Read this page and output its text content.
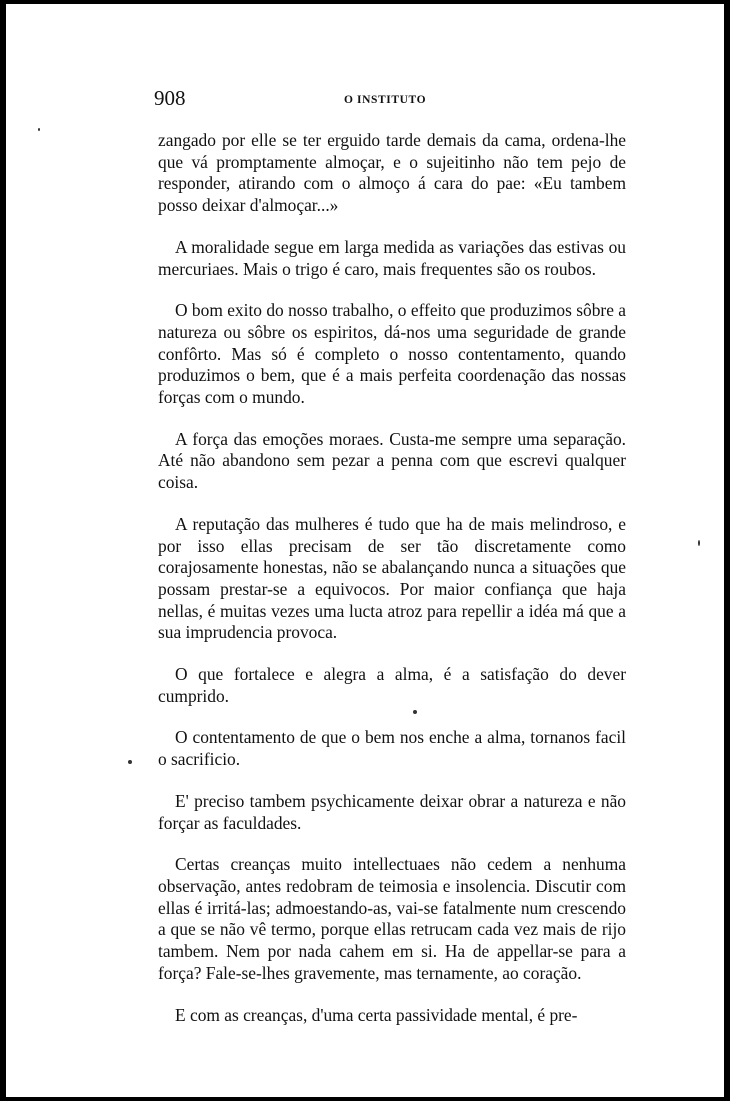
908	O INSTITUTO

zangado por elle se ter erguido tarde demais da cama, ordena-lhe que vá promptamente almoçar, e o sujeitinho não tem pejo de responder, atirando com o almoço á cara do pae: «Eu tambem posso deixar d'almoçar...»

A moralidade segue em larga medida as variações das estivas ou mercuriaes. Mais o trigo é caro, mais frequentes são os roubos.

O bom exito do nosso trabalho, o effeito que produzimos sôbre a natureza ou sôbre os espiritos, dá-nos uma seguridade de grande confôrto. Mas só é completo o nosso contentamento, quando produzimos o bem, que é a mais perfeita coordenação das nossas forças com o mundo.

A força das emoções moraes. Custa-me sempre uma separação. Até não abandono sem pezar a penna com que escrevi qualquer coisa.

A reputação das mulheres é tudo que ha de mais melindroso, e por isso ellas precisam de ser tão discretamente como corajosamente honestas, não se abalançando nunca a situações que possam prestar-se a equivocos. Por maior confiança que haja nellas, é muitas vezes uma lucta atroz para repellir a idéa má que a sua imprudencia provoca.

O que fortalece e alegra a alma, é a satisfação do dever cumprido.

O contentamento de que o bem nos enche a alma, tornanos facil o sacrificio.

E' preciso tambem psychicamente deixar obrar a natureza e não forçar as faculdades.

Certas creanças muito intellectuaes não cedem a nenhuma observação, antes redobram de teimosia e insolencia. Discutir com ellas é irritá-las; admoestando-as, vai-se fatalmente num crescendo a que se não vê termo, porque ellas retrucam cada vez mais de rijo tambem. Nem por nada cahem em si. Ha de appellar-se para a força? Fale-se-lhes gravemente, mas ternamente, ao coração.

E com as creanças, d'uma certa passividade mental, é pre-
